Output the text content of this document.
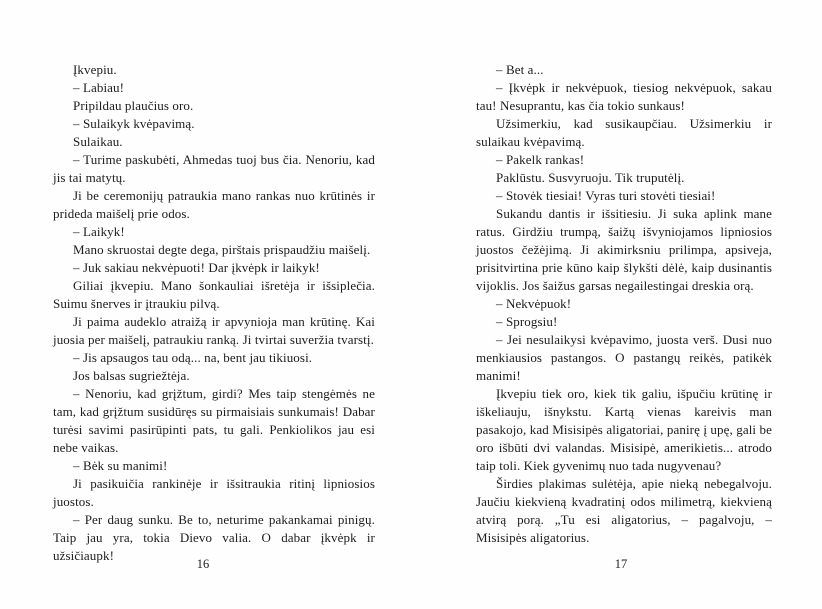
Įkvepiu.

– Labiau!

Pripildau plaučius oro.

– Sulaikyk kvėpavimą.

Sulaikau.

– Turime paskubėti, Ahmedas tuoj bus čia. Nenoriu, kad jis tai matytų.

Ji be ceremonijų patraukia mano rankas nuo krūtinės ir prideda maišelį prie odos.

– Laikyk!

Mano skruostai degte dega, pirštais prispaudžiu maišelį.

– Juk sakiau nekvėpuoti! Dar įkvėpk ir laikyk!

Giliai įkvepiu. Mano šonkauliai išretėja ir išsiplečia. Suimu šnerves ir įtraukiu pilvą.

Ji paima audeklo atraižą ir apvynioja man krūtinę. Kai juosia per maišelį, patraukiu ranką. Ji tvirtai suveržia tvarstį.

– Jis apsaugos tau odą... na, bent jau tikiuosi.

Jos balsas sugriežtėja.

– Nenoriu, kad grįžtum, girdi? Mes taip stengėmės ne tam, kad grįžtum susidūręs su pirmaisiais sunkumais! Dabar turėsi savimi pasirūpinti pats, tu gali. Penkiolikos jau esi nebe vaikas.

– Bėk su manimi!

Ji pasikuičia rankinėje ir išsitraukia ritinį lipniosios juostos.

– Per daug sunku. Be to, neturime pakankamai pinigų. Taip jau yra, tokia Dievo valia. O dabar įkvėpk ir užsičiaupk!

16

– Bet a...

– Įkvėpk ir nekvėpuok, tiesiog nekvėpuok, sakau tau! Nesuprantu, kas čia tokio sunkaus!

Užsimerkiu, kad susikaupčiau. Užsimerkiu ir sulaikau kvėpavimą.

– Pakelk rankas!

Paklūstu. Susvyruoju. Tik truputėlį.

– Stovėk tiesiai! Vyras turi stovėti tiesiai!

Sukandu dantis ir išsitiesiu. Ji suka aplink mane ratus. Girdžiu trumpą, šaižų išvyniojamos lipniosios juostos čežėjimą. Ji akimirksniu prilimpa, apsiveja, prisitvirtina prie kūno kaip šlykšti dėlė, kaip dusinantis vijoklis. Jos šaižus garsas negailestingai dreskia orą.

– Nekvėpuok!

– Sprogsiu!

– Jei nesulaikysi kvėpavimo, juosta verš. Dusi nuo menkiausios pastangos. O pastangų reikės, patikėk manimi!

Įkvepiu tiek oro, kiek tik galiu, išpučiu krūtinę ir iškeliauju, išnykstu. Kartą vienas kareivis man pasakojo, kad Misisipės aligatoriai, panirę į upę, gali be oro išbūti dvi valandas. Misisipė, amerikietis... atrodo taip toli. Kiek gyvenimų nuo tada nugyvenau?

Širdies plakimas sulėtėja, apie nieką nebegalvoju. Jaučiu kiekvieną kvadratinį odos milimetrą, kiekvieną atvirą porą. „Tu esi aligatorius, – pagalvoju, – Misisipės aligatorius.

17
